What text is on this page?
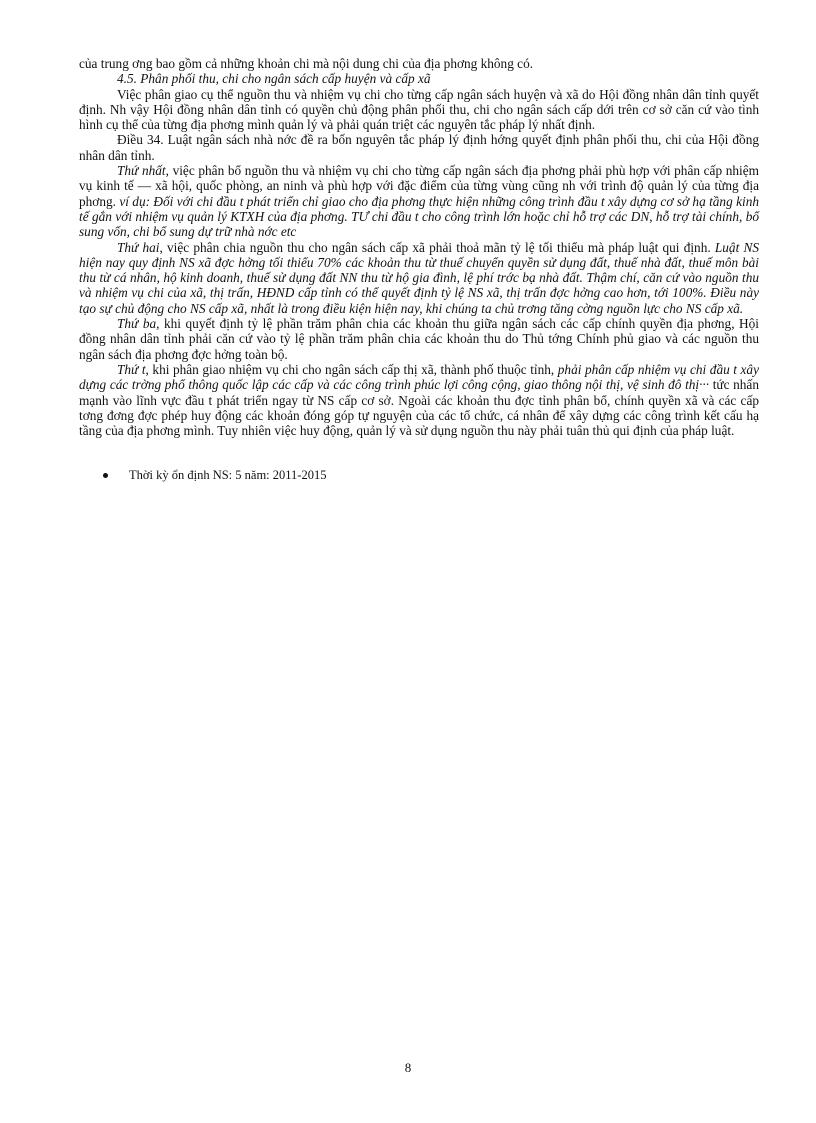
của trung ơng bao gồm cả những khoản chi mà nội dung chi của địa phơng không có.

4.5. Phân phối thu, chi cho ngân sách cấp huyện và cấp xã

Việc phân giao cụ thể nguồn thu và nhiệm vụ chi cho từng cấp ngân sách huyện và xã do Hội đồng nhân dân tỉnh quyết định. Nh vậy Hội đồng nhân dân tỉnh có quyền chủ động phân phối thu, chi cho ngân sách cấp dới trên cơ sở căn cứ vào tình hình cụ thể của từng địa phơng mình quản lý và phải quán triệt các nguyên tắc pháp lý nhất định.

Điều 34. Luật ngân sách nhà nớc đề ra bốn nguyên tắc pháp lý định hớng quyết định phân phối thu, chi của Hội đồng nhân dân tỉnh.

Thứ nhất, việc phân bổ nguồn thu và nhiệm vụ chi cho từng cấp ngân sách địa phơng phải phù hợp với phân cấp nhiệm vụ kinh tế — xã hội, quốc phòng, an ninh và phù hợp với đặc điểm của từng vùng cũng nh với trình độ quản lý của từng địa phơng. ví dụ: Đối với chi đầu t phát triển chỉ giao cho địa phơng thực hiện những công trình đầu t xây dựng cơ sở hạ tầng kinh tế gắn với nhiệm vụ quản lý KTXH của địa phơng. TƯ chi đầu t cho công trình lớn hoặc chỉ hỗ trợ các DN, hỗ trợ tài chính, bổ sung vốn, chi bổ sung dự trữ nhà nớc etc

Thứ hai, việc phân chia nguồn thu cho ngân sách cấp xã phải thoả mãn tỷ lệ tối thiểu mà pháp luật qui định. Luật NS hiện nay quy định NS xã đợc hởng tối thiểu 70% các khoản thu từ thuế chuyển quyền sử dụng đất, thuế nhà đất, thuế môn bài thu từ cá nhân, hộ kinh doanh, thuế sử dụng đất NN thu từ hộ gia đình, lệ phí trớc bạ nhà đất. Thậm chí, căn cứ vào nguồn thu và nhiệm vụ chi của xã, thị trấn, HĐND cấp tỉnh có thể quyết định tỷ lệ NS xã, thị trấn đợc hởng cao hơn, tới 100%. Điều này tạo sự chủ động cho NS cấp xã, nhất là trong điều kiện hiện nay, khi chúng ta chủ trơng tăng cờng nguồn lực cho NS cấp xã.

Thứ ba, khi quyết định tỷ lệ phần trăm phân chia các khoản thu giữa ngân sách các cấp chính quyền địa phơng, Hội đồng nhân dân tỉnh phải căn cứ vào tỷ lệ phần trăm phân chia các khoản thu do Thủ tớng Chính phủ giao và các nguồn thu ngân sách địa phơng đợc hởng toàn bộ.

Thứ t, khi phân giao nhiệm vụ chi cho ngân sách cấp thị xã, thành phố thuộc tỉnh, phải phân cấp nhiệm vụ chi đầu t xây dựng các trờng phổ thông quốc lập các cấp và các công trình phúc lợi công cộng, giao thông nội thị, vệ sinh đô thị··· tức nhấn mạnh vào lĩnh vực đầu t phát triển ngay từ NS cấp cơ sở. Ngoài các khoản thu đợc tỉnh phân bổ, chính quyền xã và các cấp tơng đơng đợc phép huy động các khoản đóng góp tự nguyện của các tổ chức, cá nhân để xây dựng các công trình kết cấu hạ tầng của địa phơng mình. Tuy nhiên việc huy động, quản lý và sử dụng nguồn thu này phải tuân thủ qui định của pháp luật.

Thời kỳ ổn định NS: 5 năm: 2011-2015
8
